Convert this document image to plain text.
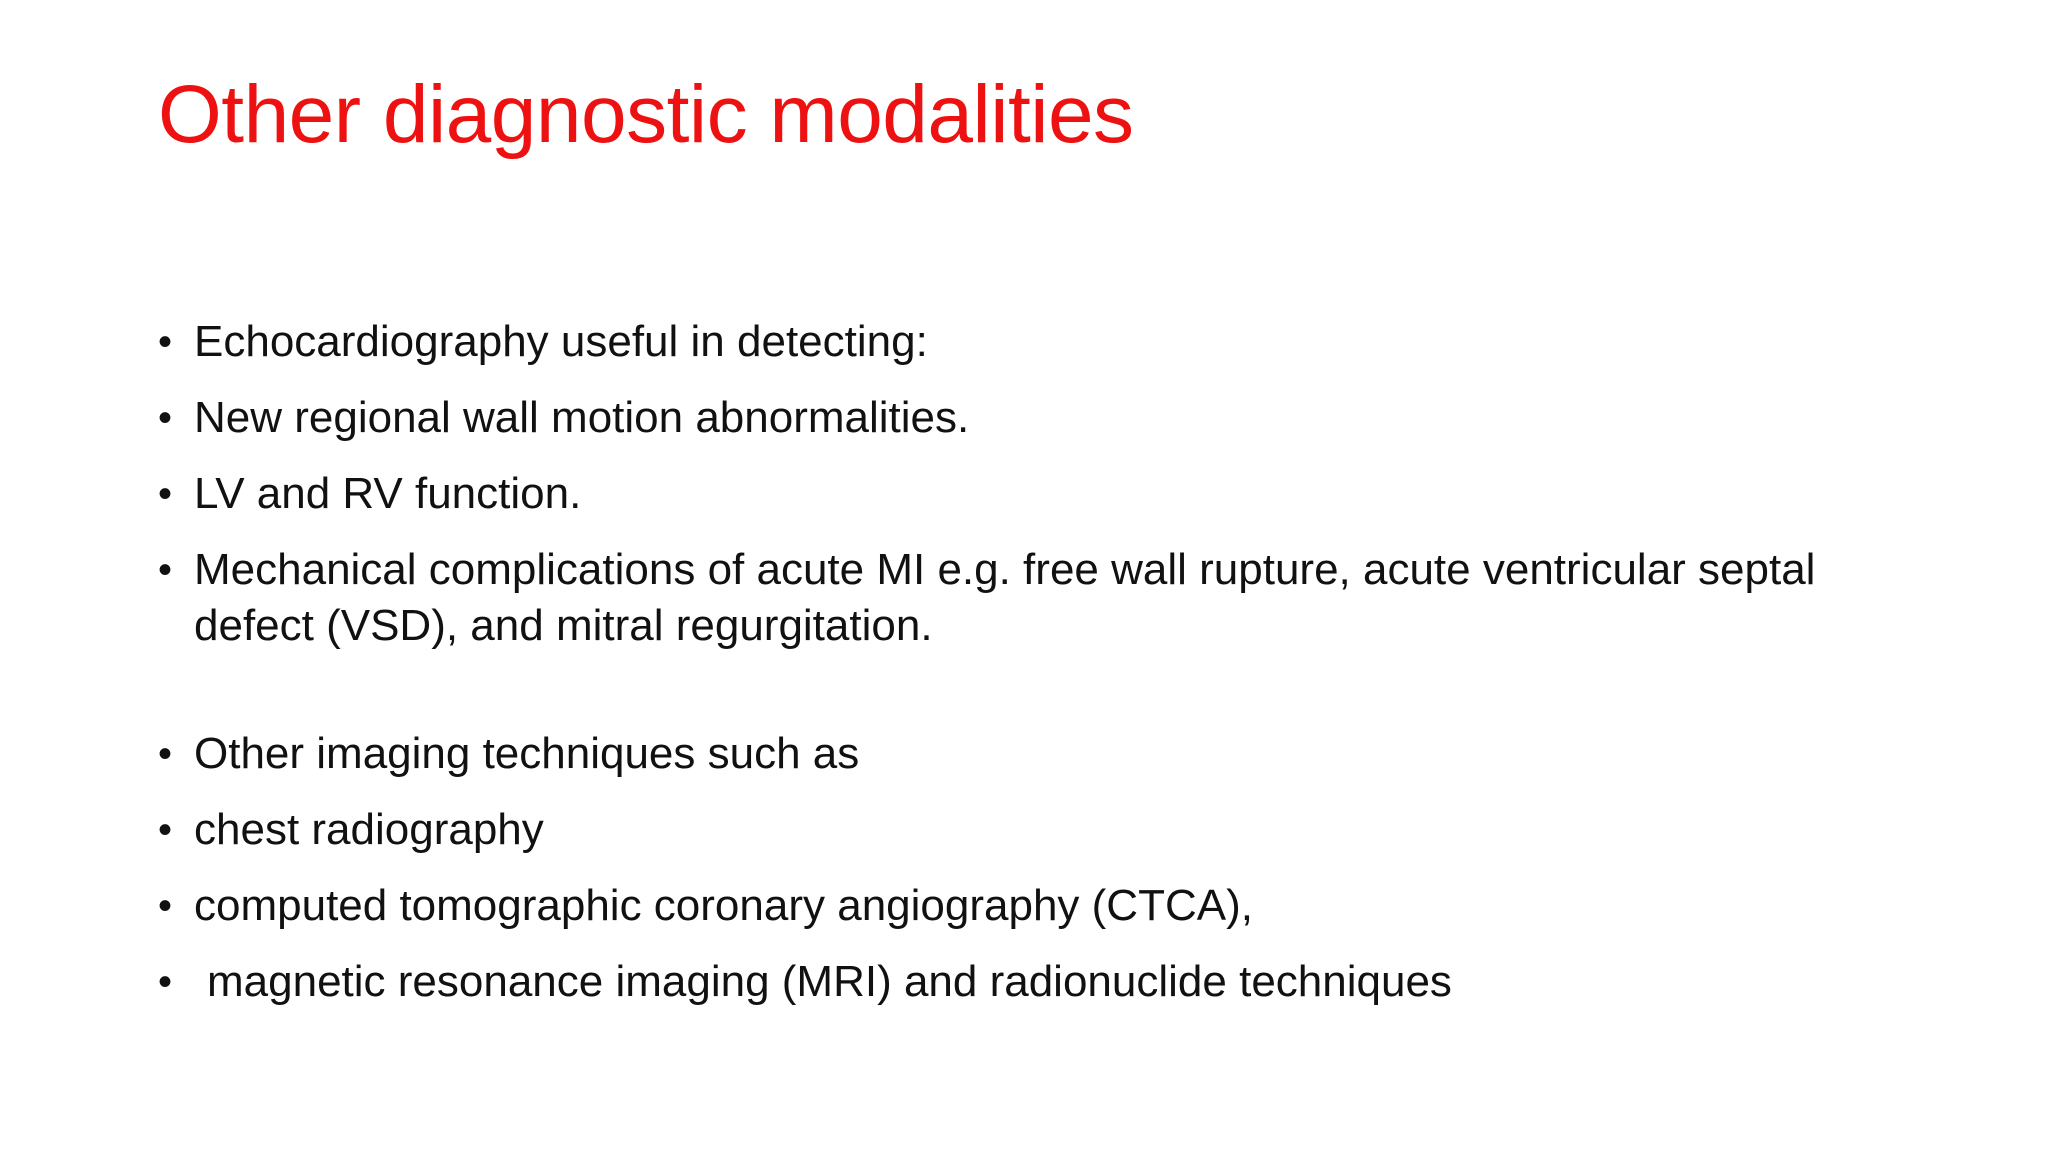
Other diagnostic modalities
• Echocardiography useful in detecting:
• New regional wall motion abnormalities.
• LV and RV function.
• Mechanical complications of acute MI e.g. free wall rupture, acute ventricular septal defect (VSD), and mitral regurgitation.
• Other imaging techniques such as
• chest radiography
• computed tomographic coronary angiography (CTCA),
• magnetic resonance imaging (MRI) and radionuclide techniques
